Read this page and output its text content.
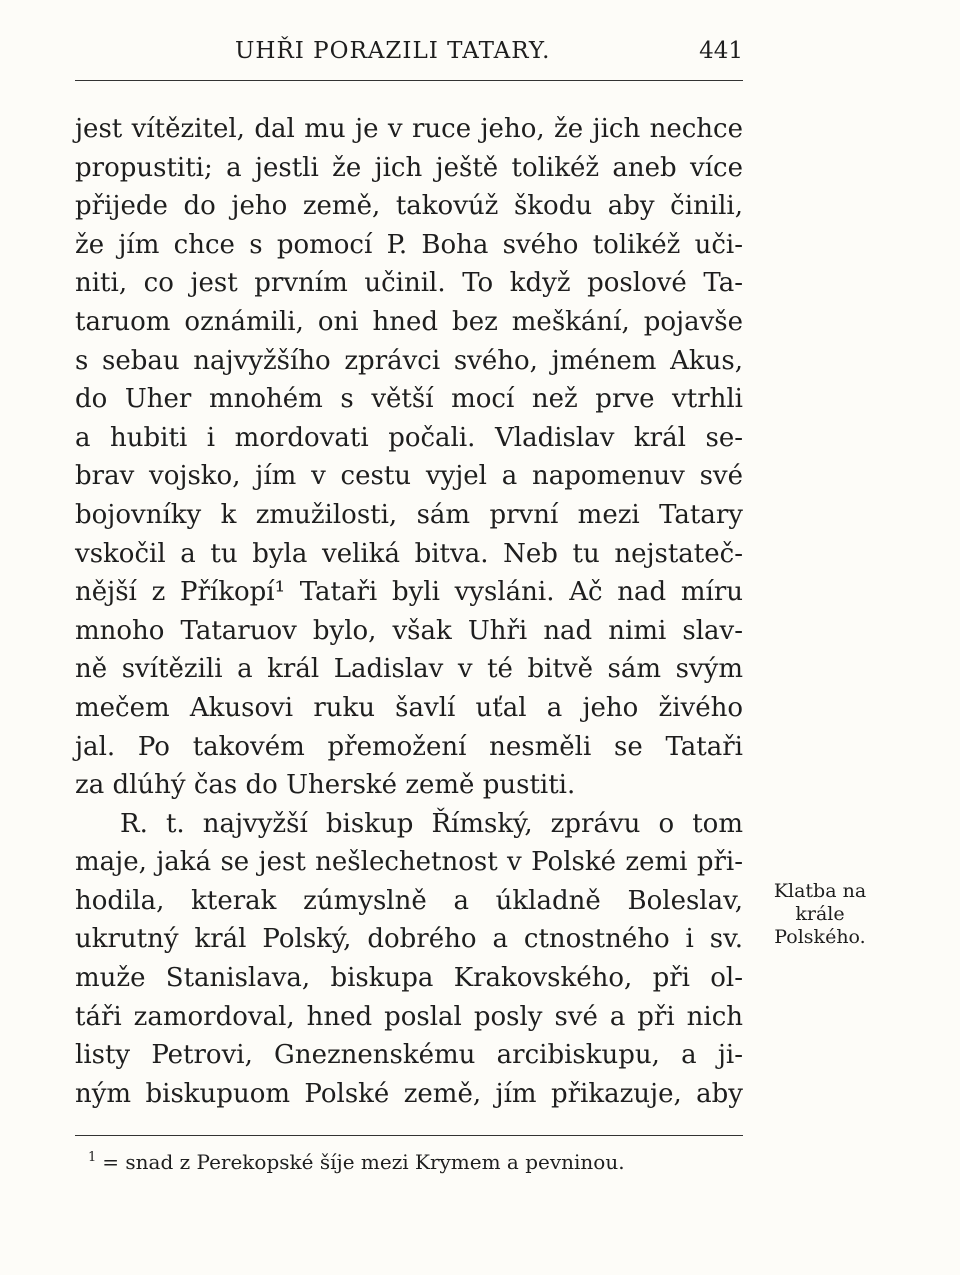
UHŘI PORAZILI TATARY.	441
jest vítězitel, dal mu je v ruce jeho, že jich nechce
propustiti; a jestli že jich ještě tolikéž aneb více
přijede do jeho země, takovúž škodu aby činili,
že jím chce s pomocí P. Boha svého tolikéž uči-
niti, co jest prvním učinil. To když poslové Ta-
taruom oznámili, oni hned bez meškání, pojavše
s sebau najvyžšího zprávci svého, jménem Akus,
do Uher mnohém s větší mocí než prve vtrhli
a hubiti i mordovati počali. Vladislav král se-
brav vojsko, jím v cestu vyjel a napomenuv své
bojovníky k zmužilosti, sám první mezi Tatary
vskočil a tu byla veliká bitva. Neb tu nejstateč-
nější z Příkopí¹ Tataři byli vysláni. Ač nad míru
mnoho Tataruov bylo, však Uhři nad nimi slav-
ně svítězili a král Ladislav v té bitvě sám svým
mečem Akusovi ruku šavlí uťal a jeho živého
jal. Po takovém přemožení nesměli se Tataři
za dlúhý čas do Uherské země pustiti.
R. t. najvyžší biskup Římský, zprávu o tom
maje, jaká se jest nešlechetnost v Polské zemi při-
hodila, kterak zúmyslně a úkladně Boleslav,
ukrutný král Polský, dobrého a ctnostného i sv.
muže Stanislava, biskupa Krakovského, při ol-
táři zamordoval, hned poslal posly své a při nich
listy Petrovi, Gneznenskému arcibiskupu, a ji-
ným biskupuom Polské země, jím přikazuje, aby
Klatba na
krále
Polského.
$^1$ = snad z Perekopské šíje mezi Krymem a pevninou.
